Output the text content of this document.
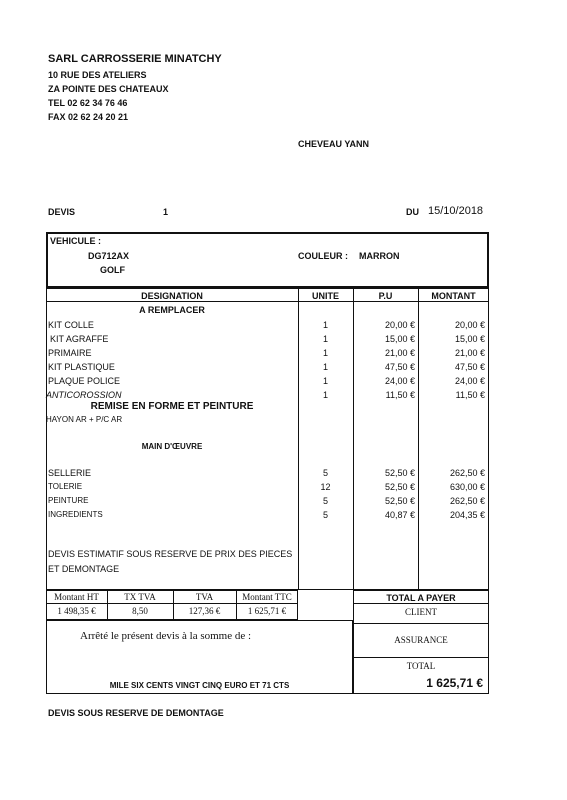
SARL CARROSSERIE MINATCHY
10 RUE DES ATELIERS
ZA POINTE DES CHATEAUX
TEL 02 62 34 76 46
FAX 02 62 24 20 21
CHEVEAU YANN
DEVIS	1	DU 15/10/2018
VEHICULE :
DG712AX
GOLF
COULEUR : MARRON
DESIGNATION	UNITE	P.U	MONTANT
A REMPLACER
KIT COLLE	1	20,00 €	20,00 €
KIT AGRAFFE	1	15,00 €	15,00 €
PRIMAIRE	1	21,00 €	21,00 €
KIT PLASTIQUE	1	47,50 €	47,50 €
PLAQUE POLICE	1	24,00 €	24,00 €
ANTICOROSSION	1	11,50 €	11,50 €
REMISE EN FORME ET PEINTURE
HAYON AR + P/C AR
MAIN D'ŒUVRE
SELLERIE	5	52,50 €	262,50 €
TOLERIE	12	52,50 €	630,00 €
PEINTURE	5	52,50 €	262,50 €
INGREDIENTS	5	40,87 €	204,35 €
DEVIS ESTIMATIF SOUS RESERVE DE PRIX DES PIECES
ET DEMONTAGE
Montant HT	TX TVA	TVA	Montant TTC
1 498,35 €	8,50	127,36 €	1 625,71 €
TOTAL A PAYER
CLIENT
ASSURANCE
TOTAL
1 625,71 €
Arrêté le présent devis à la somme de :
MILE SIX CENTS VINGT CINQ EURO ET 71 CTS
DEVIS SOUS RESERVE DE DEMONTAGE
